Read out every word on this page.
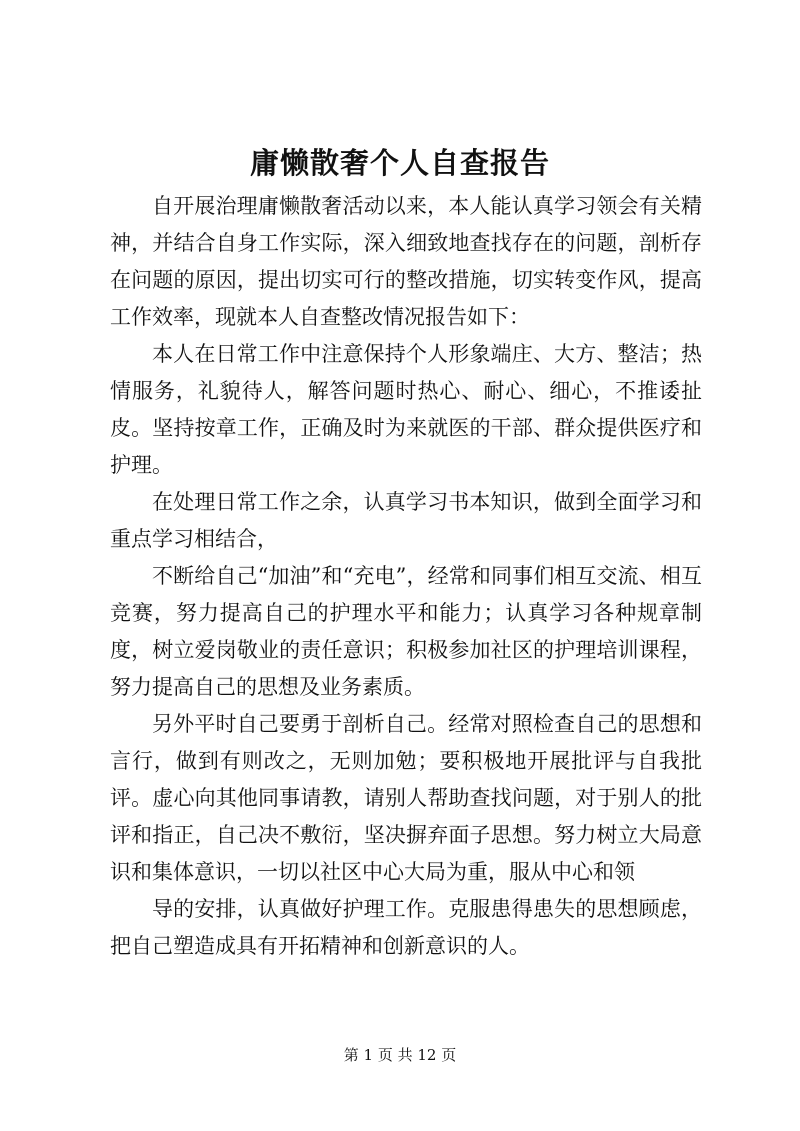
庸懒散奢个人自查报告

自开展治理庸懒散奢活动以来，本人能认真学习领会有关精神，并结合自身工作实际，深入细致地查找存在的问题，剖析存在问题的原因，提出切实可行的整改措施，切实转变作风，提高工作效率，现就本人自查整改情况报告如下：

本人在日常工作中注意保持个人形象端庄、大方、整洁；热情服务，礼貌待人，解答问题时热心、耐心、细心，不推诿扯皮。坚持按章工作，正确及时为来就医的干部、群众提供医疗和护理。

在处理日常工作之余，认真学习书本知识，做到全面学习和重点学习相结合，

不断给自己“加油”和“充电”，经常和同事们相互交流、相互竞赛，努力提高自己的护理水平和能力；认真学习各种规章制度，树立爱岗敬业的责任意识；积极参加社区的护理培训课程，努力提高自己的思想及业务素质。

另外平时自己要勇于剖析自己。经常对照检查自己的思想和言行，做到有则改之，无则加勉；要积极地开展批评与自我批评。虚心向其他同事请教，请别人帮助查找问题，对于别人的批评和指正，自己决不敷衍，坚决摒弃面子思想。努力树立大局意识和集体意识，一切以社区中心大局为重，服从中心和领

导的安排，认真做好护理工作。克服患得患失的思想顾虑，把自己塑造成具有开拓精神和创新意识的人。

第 1 页 共 12 页
